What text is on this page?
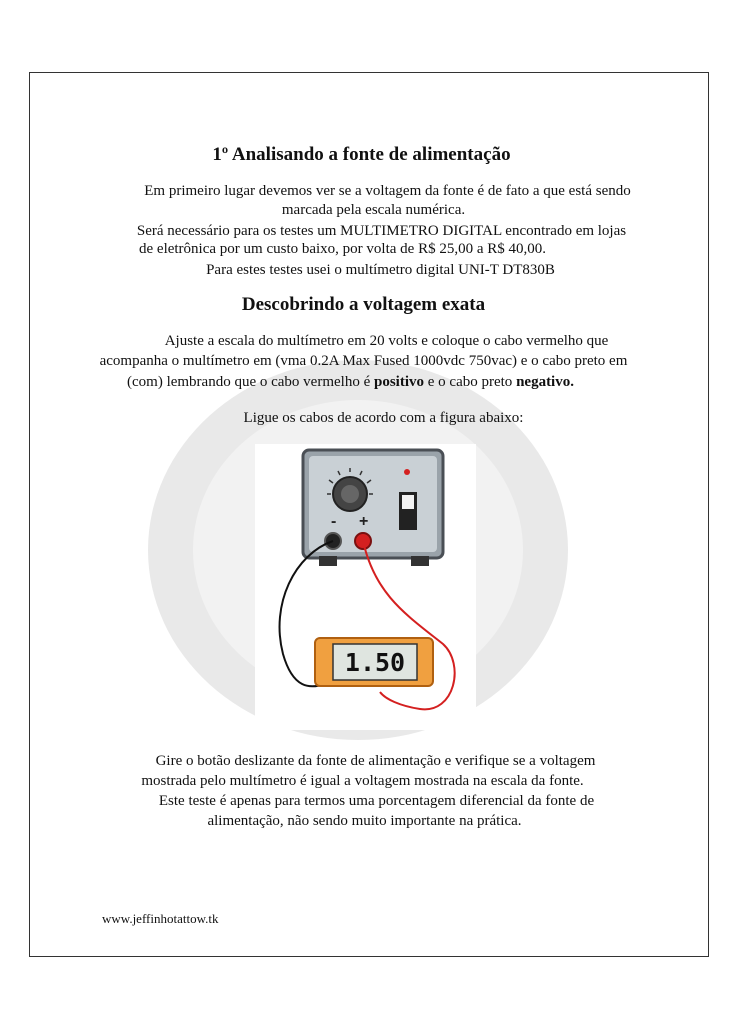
1º Analisando a fonte de alimentação
Em primeiro lugar devemos ver se a voltagem da fonte é de fato a que está sendo
marcada pela escala numérica.
Será necessário para os testes um MULTIMETRO DIGITAL encontrado em lojas
de eletrônica por um custo baixo, por volta de R$ 25,00 a R$ 40,00.
Para estes testes usei o multímetro digital UNI-T DT830B
Descobrindo a voltagem exata
Ajuste a escala do multímetro em 20 volts e coloque o cabo vermelho que
acompanha o multímetro em (vma 0.2A Max Fused 1000vdc 750vac) e o cabo preto em
(com) lembrando que o cabo vermelho é positivo e o cabo preto negativo.
Ligue os cabos de acordo com a figura abaixo:
- +
1.50
Gire o botão deslizante da fonte de alimentação e verifique se a voltagem
mostrada pelo multímetro é igual a voltagem mostrada na escala da fonte.
Este teste é apenas para termos uma porcentagem diferencial da fonte de
alimentação, não sendo muito importante na prática.
www.jeffinhotattow.tk
